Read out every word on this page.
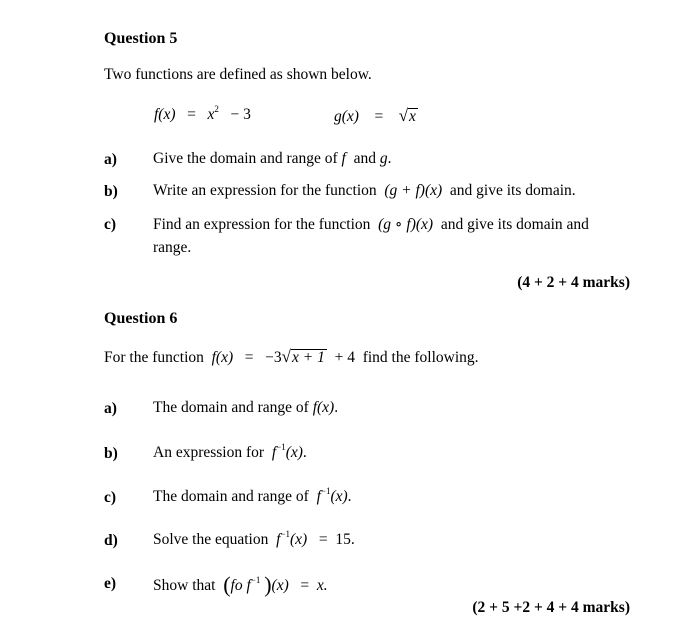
Question 5
Two functions are defined as shown below.
$f(x) = x^2 - 3$	g(x) = √x
a) Give the domain and range of f and g.
b) Write an expression for the function (g + f)(x) and give its domain.
c) Find an expression for the function (g ∘ f)(x) and give its domain and
range.
(4 + 2 + 4 marks)
Question 6
For the function f(x) = −3√x + 1 + 4 find the following.
a) The domain and range of f(x).
b) An expression for $f^{-1}(x)$.
c) The domain and range of $f^{-1}(x)$.
d) Solve the equation $f^{-1}(x) = 15$.
e) Show that (fo $f^{-1}$ )(x) = x.
(2 + 5 +2 + 4 + 4 marks)
